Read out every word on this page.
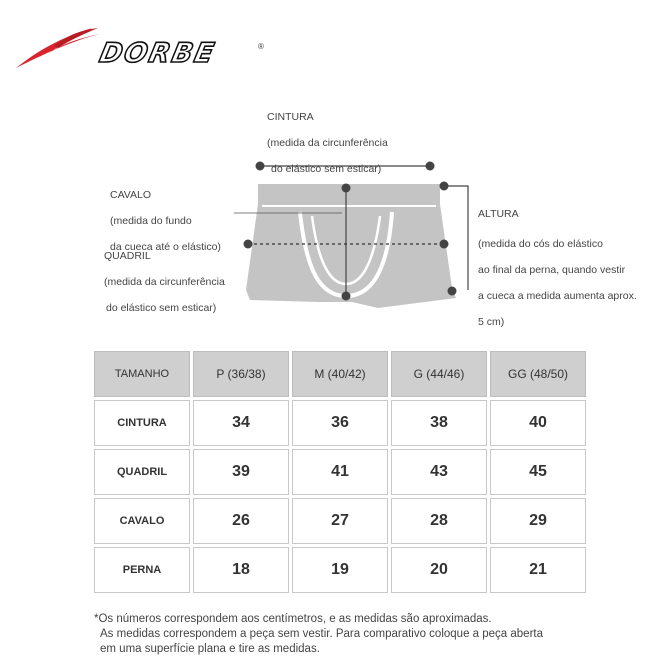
DORBE	®

CINTURA

(medida da circunferência

do elástico sem esticar)

CAVALO

(medida do fundo

da cueca até o elástico)

QUADRIL

(medida da circunferência

do elástico sem esticar)

ALTURA

(medida do cós do elástico

ao final da perna, quando vestir

a cueca a medida aumenta aprox.

5 cm)

TAMANHO	P (36/38)	M (40/42)	G (44/46)	GG (48/50)
CINTURA	34	36	38	40
QUADRIL	39	41	43	45
CAVALO	26	27	28	29
PERNA	18	19	20	21
*Os números correspondem aos centímetros, e as medidas são aproximadas.
As medidas correspondem a peça sem vestir. Para comparativo coloque a peça aberta
em uma superfície plana e tire as medidas.
